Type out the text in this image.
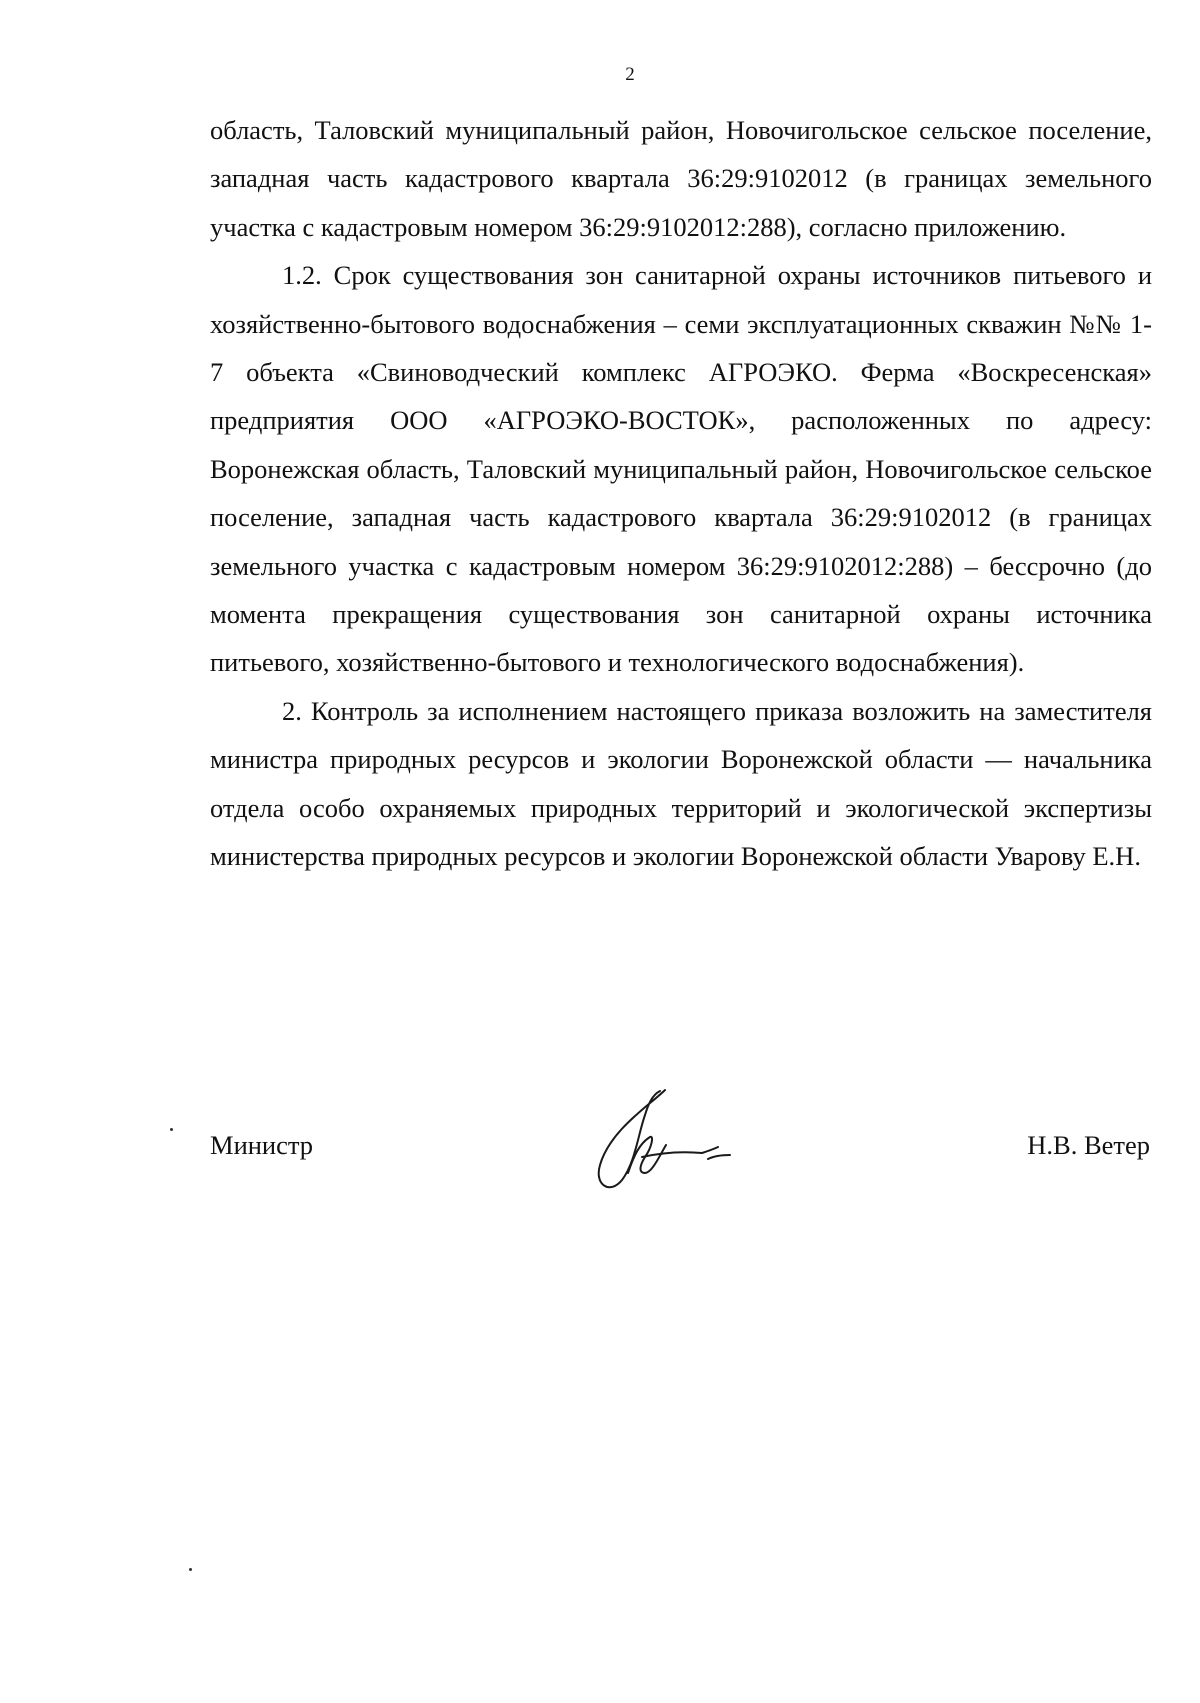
2

область, Таловский муниципальный район, Новочигольское сельское поселение, западная часть кадастрового квартала 36:29:9102012 (в границах земельного участка с кадастровым номером 36:29:9102012:288), согласно приложению.

1.2. Срок существования зон санитарной охраны источников питьевого и хозяйственно-бытового водоснабжения – семи эксплуатационных скважин №№ 1-7 объекта «Свиноводческий комплекс АГРОЭКО. Ферма «Воскресенская» предприятия ООО «АГРОЭКО-ВОСТОК», расположенных по адресу: Воронежская область, Таловский муниципальный район, Новочигольское сельское поселение, западная часть кадастрового квартала 36:29:9102012 (в границах земельного участка с кадастровым номером 36:29:9102012:288) – бессрочно (до момента прекращения существования зон санитарной охраны источника питьевого, хозяйственно-бытового и технологического водоснабжения).

2. Контроль за исполнением настоящего приказа возложить на заместителя министра природных ресурсов и экологии Воронежской области — начальника отдела особо охраняемых природных территорий и экологической экспертизы министерства природных ресурсов и экологии Воронежской области Уварову Е.Н.

Министр	Н.В. Ветер
